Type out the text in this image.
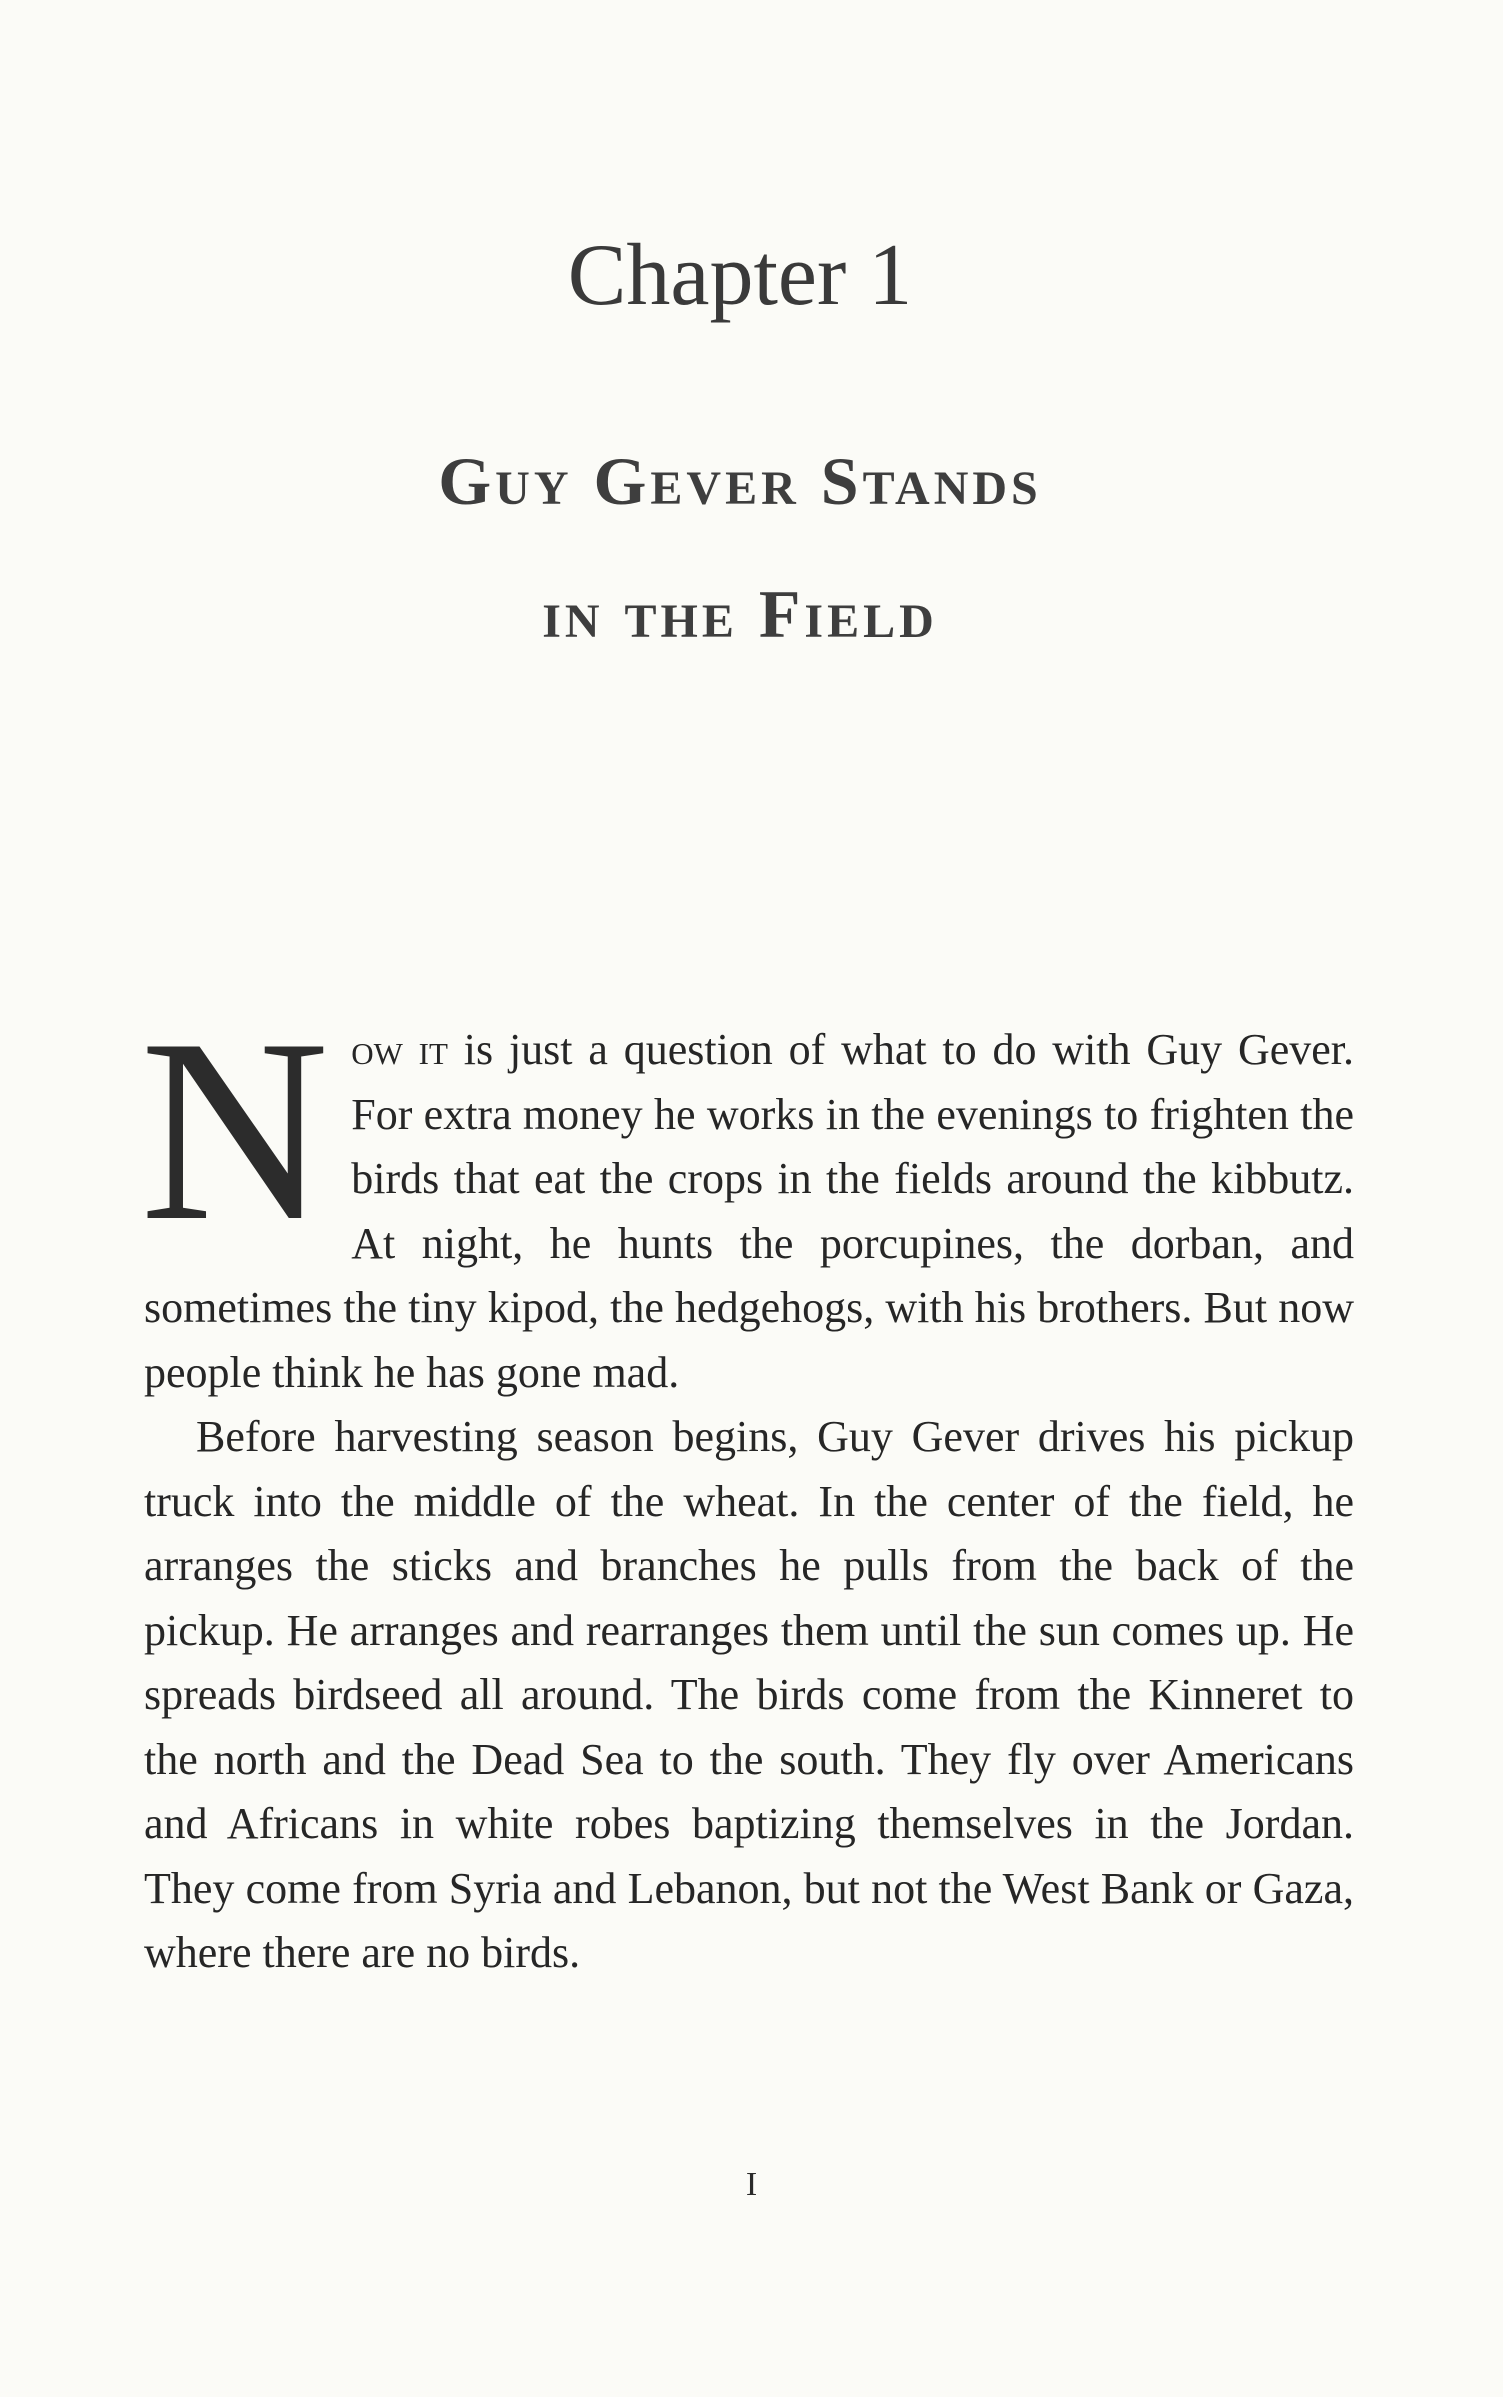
Chapter 1
Guy Gever Stands
in the Field

Now it is just a question of what to do with Guy Gever. For extra money he works in the evenings to frighten the birds that eat the crops in the fields around the kibbutz. At night, he hunts the porcupines, the dorban, and sometimes the tiny kipod, the hedgehogs, with his brothers. But now people think he has gone mad.

Before harvesting season begins, Guy Gever drives his pickup truck into the middle of the wheat. In the center of the field, he arranges the sticks and branches he pulls from the back of the pickup. He arranges and rearranges them until the sun comes up. He spreads birdseed all around. The birds come from the Kinneret to the north and the Dead Sea to the south. They fly over Americans and Africans in white robes baptizing themselves in the Jordan. They come from Syria and Lebanon, but not the West Bank or Gaza, where there are no birds.

I
